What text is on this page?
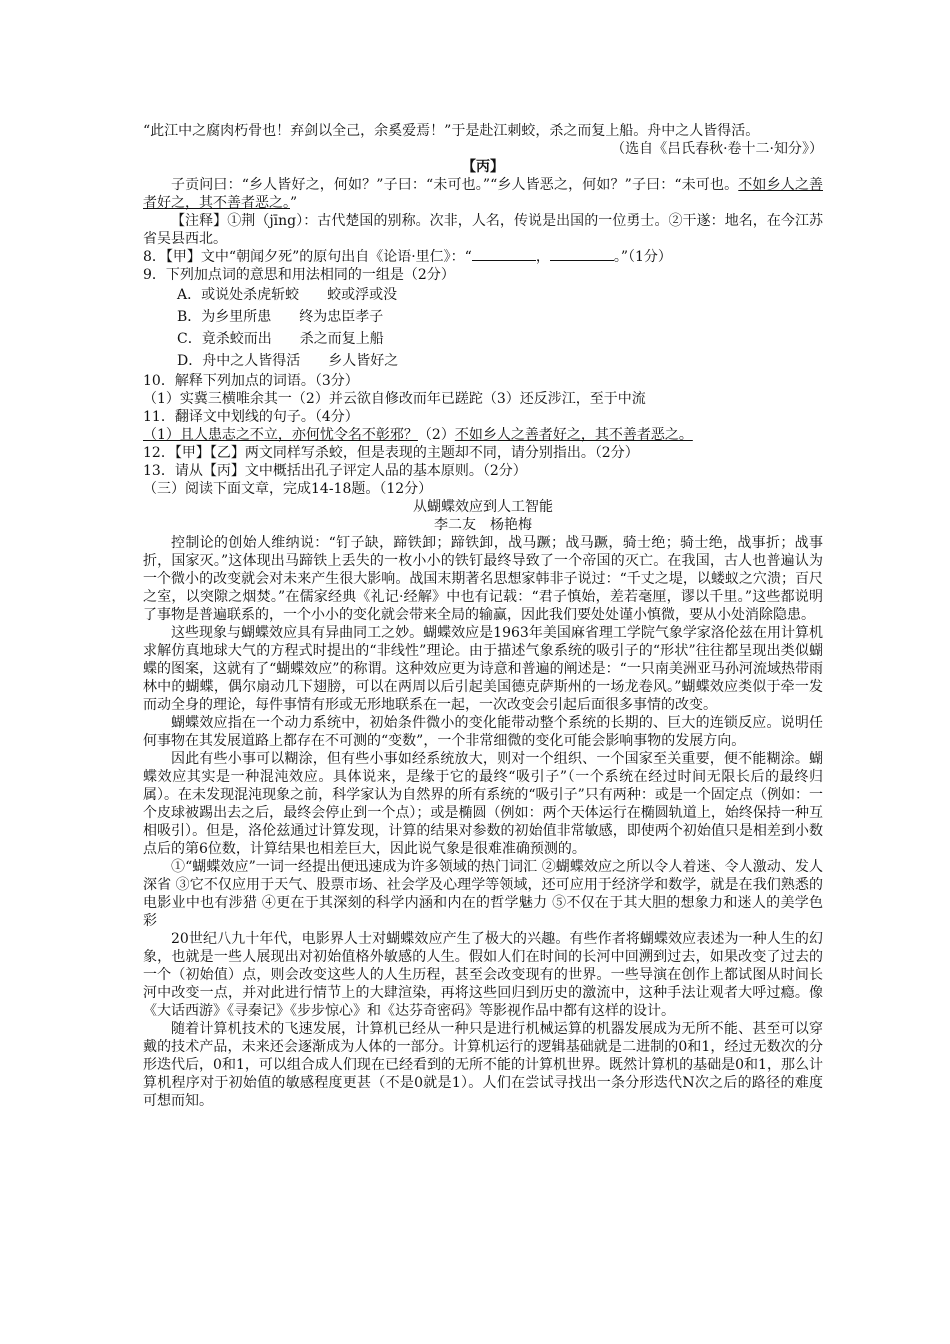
“此江中之腐肉朽骨也！弃剑以全己，余奚爱焉！”于是赴江刺蛟，杀之而复上船。舟中之人皆得活。

（选自《吕氏春秋·卷十二·知分》）

【丙】

子贡问曰：“乡人皆好之，何如？”子曰：“未可也。”“乡人皆恶之，何如？”子曰：“未可也。不如乡人之善者好之，其不善者恶之。”

【注释】①荆（jīng）：古代楚国的别称。次非，人名，传说是出国的一位勇士。②干遂：地名，在今江苏省吴县西北。

8．【甲】文中“朝闻夕死”的原句出自《论语·里仁》：“	，	。”（1分）

9．下列加点词的意思和用法相同的一组是（2分）

A．或说处杀虎斩蛟　　蛟或浮或没

B．为乡里所患　　终为忠臣孝子

C．竟杀蛟而出　　杀之而复上船

D．舟中之人皆得活　　乡人皆好之

10．解释下列加点的词语。（3分）

（1）实冀三横唯余其一（2）并云欲自修改而年已蹉跎（3）还反涉江，至于中流

11．翻译文中划线的句子。（4分）

（1）且人患志之不立，亦何忧令名不彰邪？（2）不如乡人之善者好之，其不善者恶之。

12．【甲】【乙】两文同样写杀蛟，但是表现的主题却不同，请分别指出。（2分）

13．请从【丙】文中概括出孔子评定人品的基本原则。（2分）

（三）阅读下面文章，完成14-18题。（12分）

从蝴蝶效应到人工智能

李二友　杨艳梅

控制论的创始人维纳说：“钉子缺，蹄铁卸；蹄铁卸，战马蹶；战马蹶，骑士绝；骑士绝，战事折；战事折，国家灭。”这体现出马蹄铁上丢失的一枚小小的铁钉最终导致了一个帝国的灭亡。在我国，古人也普遍认为一个微小的改变就会对未来产生很大影响。战国末期著名思想家韩非子说过：“千丈之堤，以蝼蚁之穴溃；百尺之室，以突隙之烟焚。”在儒家经典《礼记·经解》中也有记载：“君子慎始，差若毫厘，谬以千里。”这些都说明了事物是普遍联系的，一个小小的变化就会带来全局的输赢，因此我们要处处谨小慎微，要从小处消除隐患。

这些现象与蝴蝶效应具有异曲同工之妙。蝴蝶效应是1963年美国麻省理工学院气象学家洛伦兹在用计算机求解仿真地球大气的方程式时提出的“非线性”理论。由于描述气象系统的吸引子的“形状”往往都呈现出类似蝴蝶的图案，这就有了“蝴蝶效应”的称谓。这种效应更为诗意和普遍的阐述是：“一只南美洲亚马孙河流域热带雨林中的蝴蝶，偶尔扇动几下翅膀，可以在两周以后引起美国德克萨斯州的一场龙卷风。”蝴蝶效应类似于牵一发而动全身的理论，每件事情有形或无形地联系在一起，一次改变会引起后面很多事情的改变。

蝴蝶效应指在一个动力系统中，初始条件微小的变化能带动整个系统的长期的、巨大的连锁反应。说明任何事物在其发展道路上都存在不可测的“变数”，一个非常细微的变化可能会影响事物的发展方向。

因此有些小事可以糊涂，但有些小事如经系统放大，则对一个组织、一个国家至关重要，便不能糊涂。蝴蝶效应其实是一种混沌效应。具体说来，是缘于它的最终“吸引子”（一个系统在经过时间无限长后的最终归属）。在未发现混沌现象之前，科学家认为自然界的所有系统的“吸引子”只有两种：或是一个固定点（例如：一个皮球被踢出去之后，最终会停止到一个点）；或是椭圆（例如：两个天体运行在椭圆轨道上，始终保持一种互相吸引）。但是，洛伦兹通过计算发现，计算的结果对参数的初始值非常敏感，即使两个初始值只是相差到小数点后的第6位数，计算结果也相差巨大，因此说气象是很难准确预测的。

①“蝴蝶效应”一词一经提出便迅速成为许多领域的热门词汇 ②蝴蝶效应之所以令人着迷、令人激动、发人深省 ③它不仅应用于天气、股票市场、社会学及心理学等领域，还可应用于经济学和数学，就是在我们熟悉的电影业中也有涉猎 ④更在于其深刻的科学内涵和内在的哲学魅力 ⑤不仅在于其大胆的想象力和迷人的美学色彩

20世纪八九十年代，电影界人士对蝴蝶效应产生了极大的兴趣。有些作者将蝴蝶效应表述为一种人生的幻象，也就是一些人展现出对初始值格外敏感的人生。假如人们在时间的长河中回溯到过去，如果改变了过去的一个（初始值）点，则会改变这些人的人生历程，甚至会改变现有的世界。一些导演在创作上都试图从时间长河中改变一点，并对此进行情节上的大肆渲染，再将这些回归到历史的激流中，这种手法让观者大呼过瘾。像《大话西游》《寻秦记》《步步惊心》和《达芬奇密码》等影视作品中都有这样的设计。

随着计算机技术的飞速发展，计算机已经从一种只是进行机械运算的机器发展成为无所不能、甚至可以穿戴的技术产品，未来还会逐渐成为人体的一部分。计算机运行的逻辑基础就是二进制的0和1，经过无数次的分形迭代后，0和1，可以组合成人们现在已经看到的无所不能的计算机世界。既然计算机的基础是0和1，那么计算机程序对于初始值的敏感程度更甚（不是0就是1）。人们在尝试寻找出一条分形迭代N次之后的路径的难度可想而知。
